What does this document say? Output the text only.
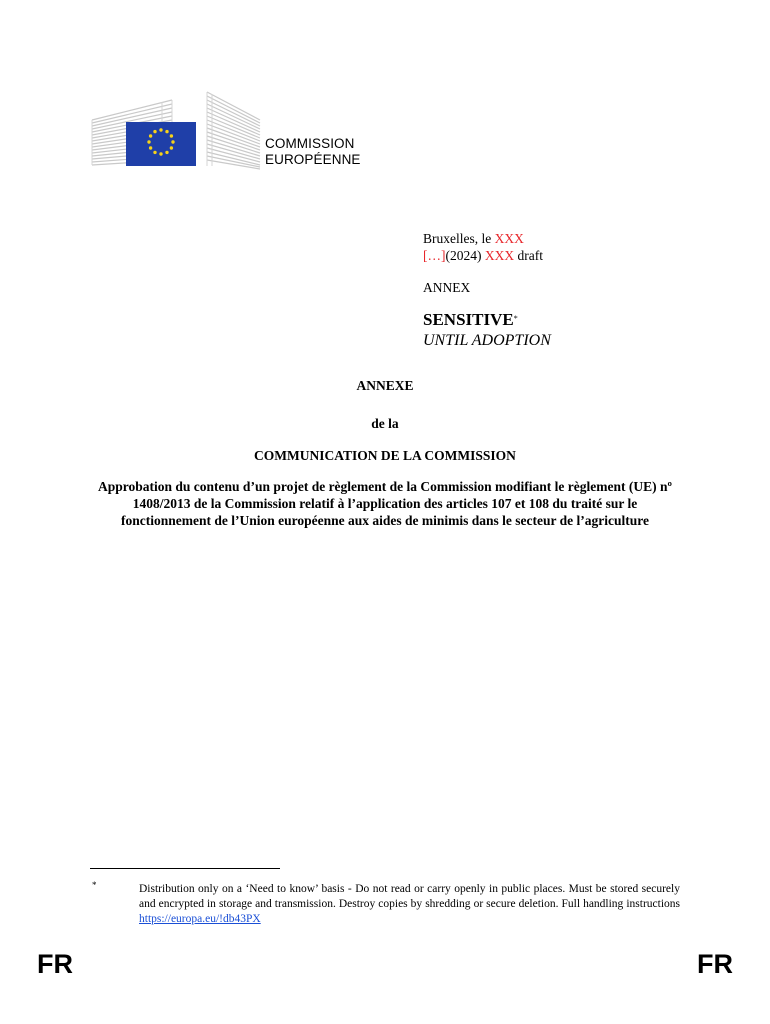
COMMISSION
EUROPÉENNE
Bruxelles, le XXX
[…](2024) XXX draft
ANNEX
SENSITIVE*
UNTIL ADOPTION
ANNEXE
de la
COMMUNICATION DE LA COMMISSION
Approbation du contenu d’un projet de règlement de la Commission modifiant le règlement (UE) nº 1408/2013 de la Commission relatif à l’application des articles 107 et 108 du traité sur le fonctionnement de l’Union européenne aux aides de minimis dans le secteur de l’agriculture
*	Distribution only on a ‘Need to know’ basis - Do not read or carry openly in public places. Must be stored securely and encrypted in storage and transmission. Destroy copies by shredding or secure deletion. Full handling instructions https://europa.eu/!db43PX
FR	FR
